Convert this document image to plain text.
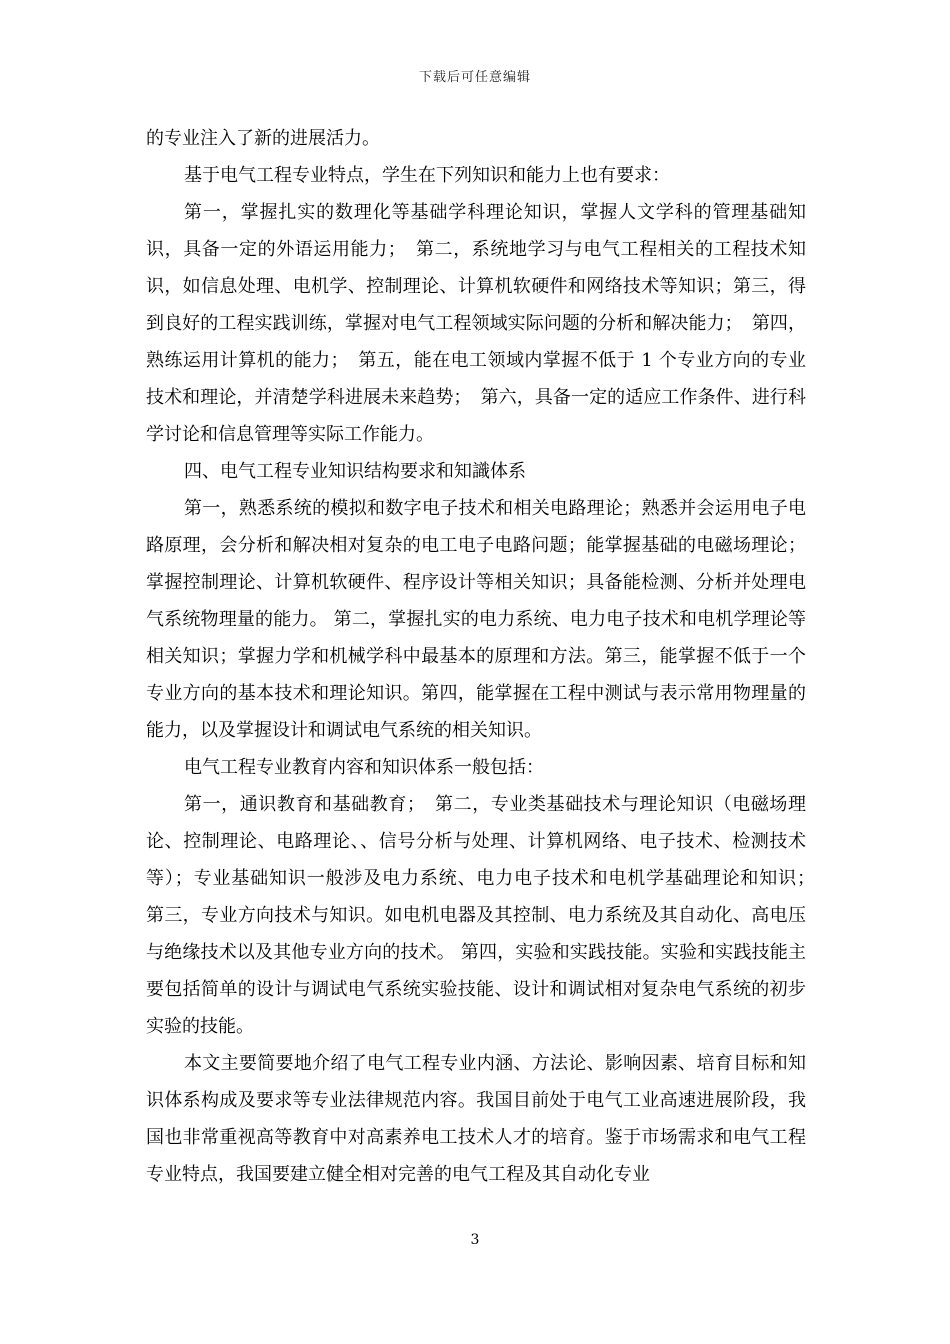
下载后可任意编辑

的专业注入了新的进展活力。

基于电气工程专业特点，学生在下列知识和能力上也有要求：

第一，掌握扎实的数理化等基础学科理论知识，掌握人文学科的管理基础知识，具备一定的外语运用能力；　第二，系统地学习与电气工程相关的工程技术知识，如信息处理、电机学、控制理论、计算机软硬件和网络技术等知识；第三，得到良好的工程实践训练，掌握对电气工程领域实际问题的分析和解决能力；　第四，熟练运用计算机的能力；　第五，能在电工领域内掌握不低于 1 个专业方向的专业技术和理论，并清楚学科进展未来趋势；　第六，具备一定的适应工作条件、进行科学讨论和信息管理等实际工作能力。

四、电气工程专业知识结构要求和知識体系

第一，熟悉系统的模拟和数字电子技术和相关电路理论；熟悉并会运用电子电路原理，会分析和解决相对复杂的电工电子电路问题；能掌握基础的电磁场理论；掌握控制理论、计算机软硬件、程序设计等相关知识；具备能检测、分析并处理电气系统物理量的能力。 第二，掌握扎实的电力系统、电力电子技术和电机学理论等相关知识；掌握力学和机械学科中最基本的原理和方法。第三，能掌握不低于一个专业方向的基本技术和理论知识。第四，能掌握在工程中测试与表示常用物理量的能力，以及掌握设计和调试电气系统的相关知识。

电气工程专业教育内容和知识体系一般包括：

第一，通识教育和基础教育；　第二，专业类基础技术与理论知识（电磁场理论、控制理论、电路理论、、信号分析与处理、计算机网络、电子技术、检测技术等）；专业基础知识一般涉及电力系统、电力电子技术和电机学基础理论和知识；　第三，专业方向技术与知识。如电机电器及其控制、电力系统及其自动化、高电压与绝缘技术以及其他专业方向的技术。 第四，实验和实践技能。实验和实践技能主要包括简单的设计与调试电气系统实验技能、设计和调试相对复杂电气系统的初步实验的技能。

本文主要简要地介绍了电气工程专业内涵、方法论、影响因素、培育目标和知识体系构成及要求等专业法律规范内容。我国目前处于电气工业高速进展阶段，我国也非常重视高等教育中对高素养电工技术人才的培育。鉴于市场需求和电气工程专业特点，我国要建立健全相对完善的电气工程及其自动化专业

3
